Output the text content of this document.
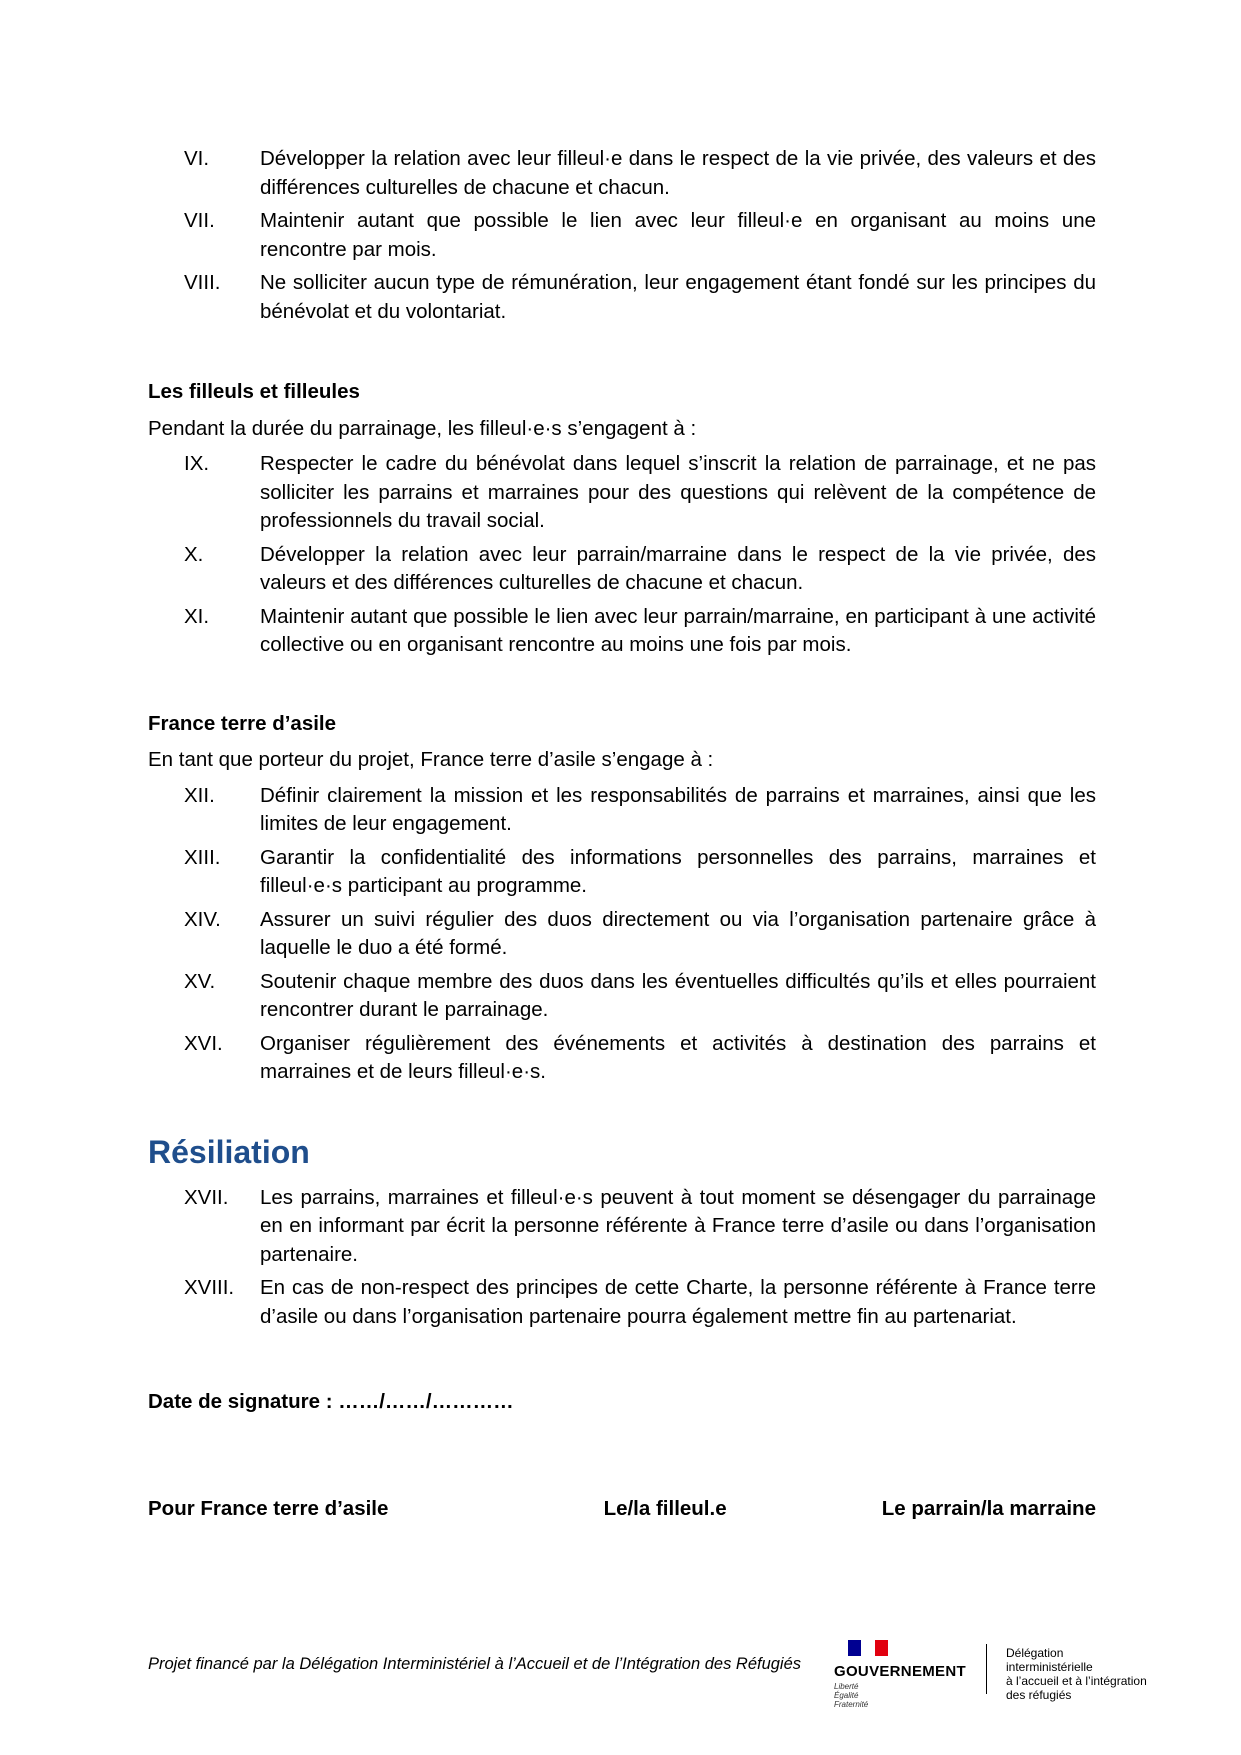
VI.	Développer la relation avec leur filleul·e dans le respect de la vie privée, des valeurs et des différences culturelles de chacune et chacun.
VII.	Maintenir autant que possible le lien avec leur filleul·e en organisant au moins une rencontre par mois.
VIII.	Ne solliciter aucun type de rémunération, leur engagement étant fondé sur les principes du bénévolat et du volontariat.

Les filleuls et filleules

Pendant la durée du parrainage, les filleul·e·s s’engagent à :

IX.	Respecter le cadre du bénévolat dans lequel s’inscrit la relation de parrainage, et ne pas solliciter les parrains et marraines pour des questions qui relèvent de la compétence de professionnels du travail social.
X.	Développer la relation avec leur parrain/marraine dans le respect de la vie privée, des valeurs et des différences culturelles de chacune et chacun.
XI.	Maintenir autant que possible le lien avec leur parrain/marraine, en participant à une activité collective ou en organisant rencontre au moins une fois par mois.

France terre d’asile

En tant que porteur du projet, France terre d’asile s’engage à :

XII.	Définir clairement la mission et les responsabilités de parrains et marraines, ainsi que les limites de leur engagement.
XIII.	Garantir la confidentialité des informations personnelles des parrains, marraines et filleul·e·s participant au programme.
XIV.	Assurer un suivi régulier des duos directement ou via l’organisation partenaire grâce à laquelle le duo a été formé.
XV.	Soutenir chaque membre des duos dans les éventuelles difficultés qu’ils et elles pourraient rencontrer durant le parrainage.
XVI.	Organiser régulièrement des événements et activités à destination des parrains et marraines et de leurs filleul·e·s.
Résiliation
XVII.	Les parrains, marraines et filleul·e·s peuvent à tout moment se désengager du parrainage en en informant par écrit la personne référente à France terre d’asile ou dans l’organisation partenaire.
XVIII.	En cas de non-respect des principes de cette Charte, la personne référente à France terre d’asile ou dans l’organisation partenaire pourra également mettre fin au partenariat.

Date de signature : ……/……/…………

Pour France terre d’asile	Le/la filleul.e	Le parrain/la marraine
Projet financé par la Délégation Interministériel à l’Accueil et de l’Intégration des Réfugiés GOUVERNEMENT
Liberté
Égalité
Fraternité
Délégation interministérielle
à l’accueil et à l’intégration
des réfugiés
